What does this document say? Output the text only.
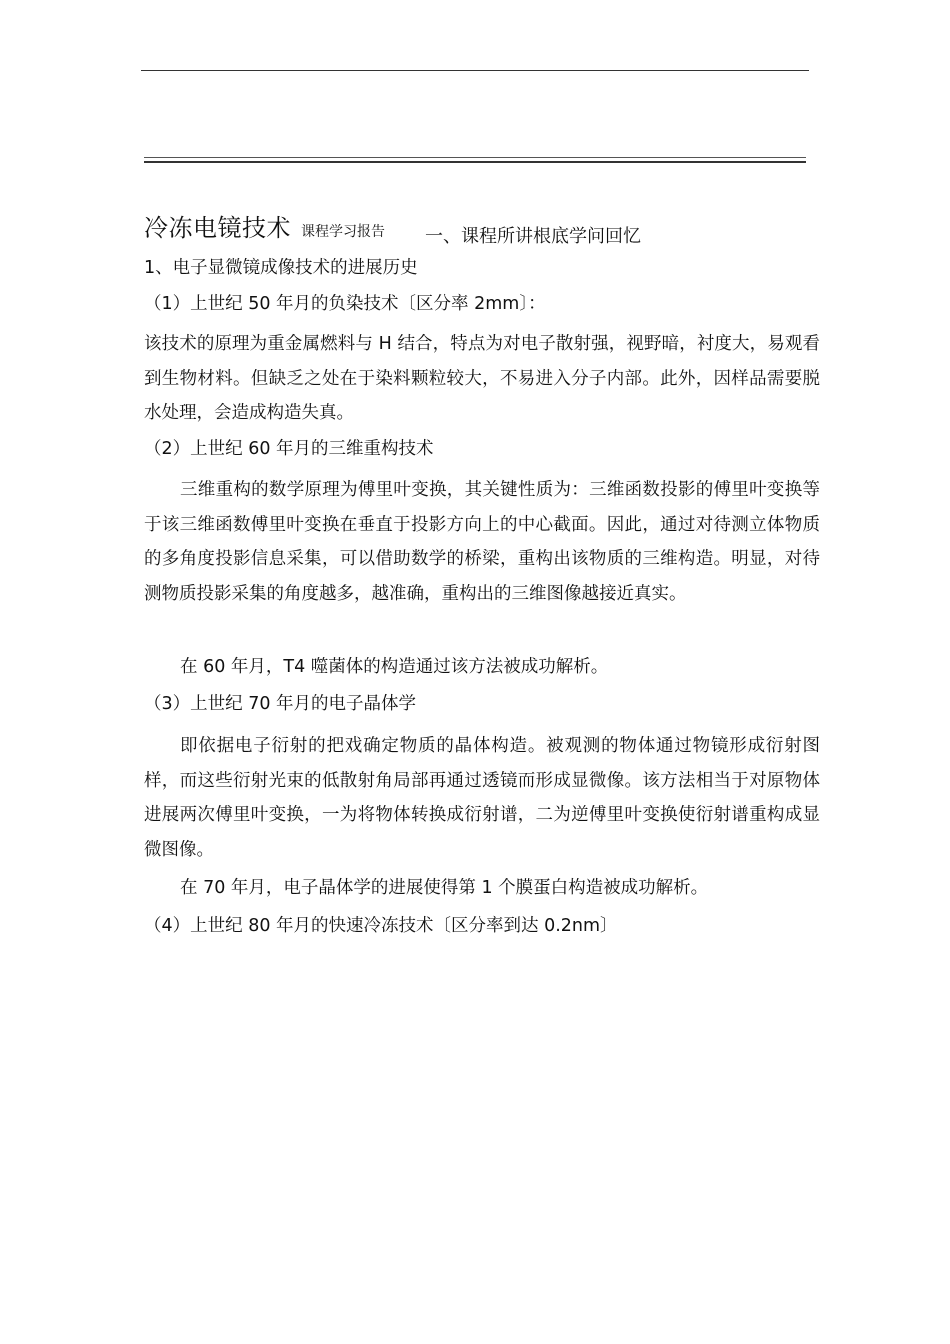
冷冻电镜技术 课程学习报告 一、课程所讲根底学问回忆
1、电子显微镜成像技术的进展历史
（1）上世纪 50 年月的负染技术〔区分率 2mm〕：
该技术的原理为重金属燃料与 H 结合，特点为对电子散射强，视野暗，衬度大，易观看到生物材料。但缺乏之处在于染料颗粒较大，不易进入分子内部。此外，因样品需要脱水处理，会造成构造失真。
（2）上世纪 60 年月的三维重构技术
三维重构的数学原理为傅里叶变换，其关键性质为：三维函数投影的傅里叶变换等于该三维函数傅里叶变换在垂直于投影方向上的中心截面。因此，通过对待测立体物质的多角度投影信息采集，可以借助数学的桥梁，重构出该物质的三维构造。明显，对待测物质投影采集的角度越多，越准确，重构出的三维图像越接近真实。
在 60 年月，T4 噬菌体的构造通过该方法被成功解析。
（3）上世纪 70 年月的电子晶体学
即依据电子衍射的把戏确定物质的晶体构造。被观测的物体通过物镜形成衍射图样，而这些衍射光束的低散射角局部再通过透镜而形成显微像。该方法相当于对原物体进展两次傅里叶变换，一为将物体转换成衍射谱，二为逆傅里叶变换使衍射谱重构成显微图像。
在 70 年月，电子晶体学的进展使得第 1 个膜蛋白构造被成功解析。
（4）上世纪 80 年月的快速冷冻技术〔区分率到达 0.2nm〕
